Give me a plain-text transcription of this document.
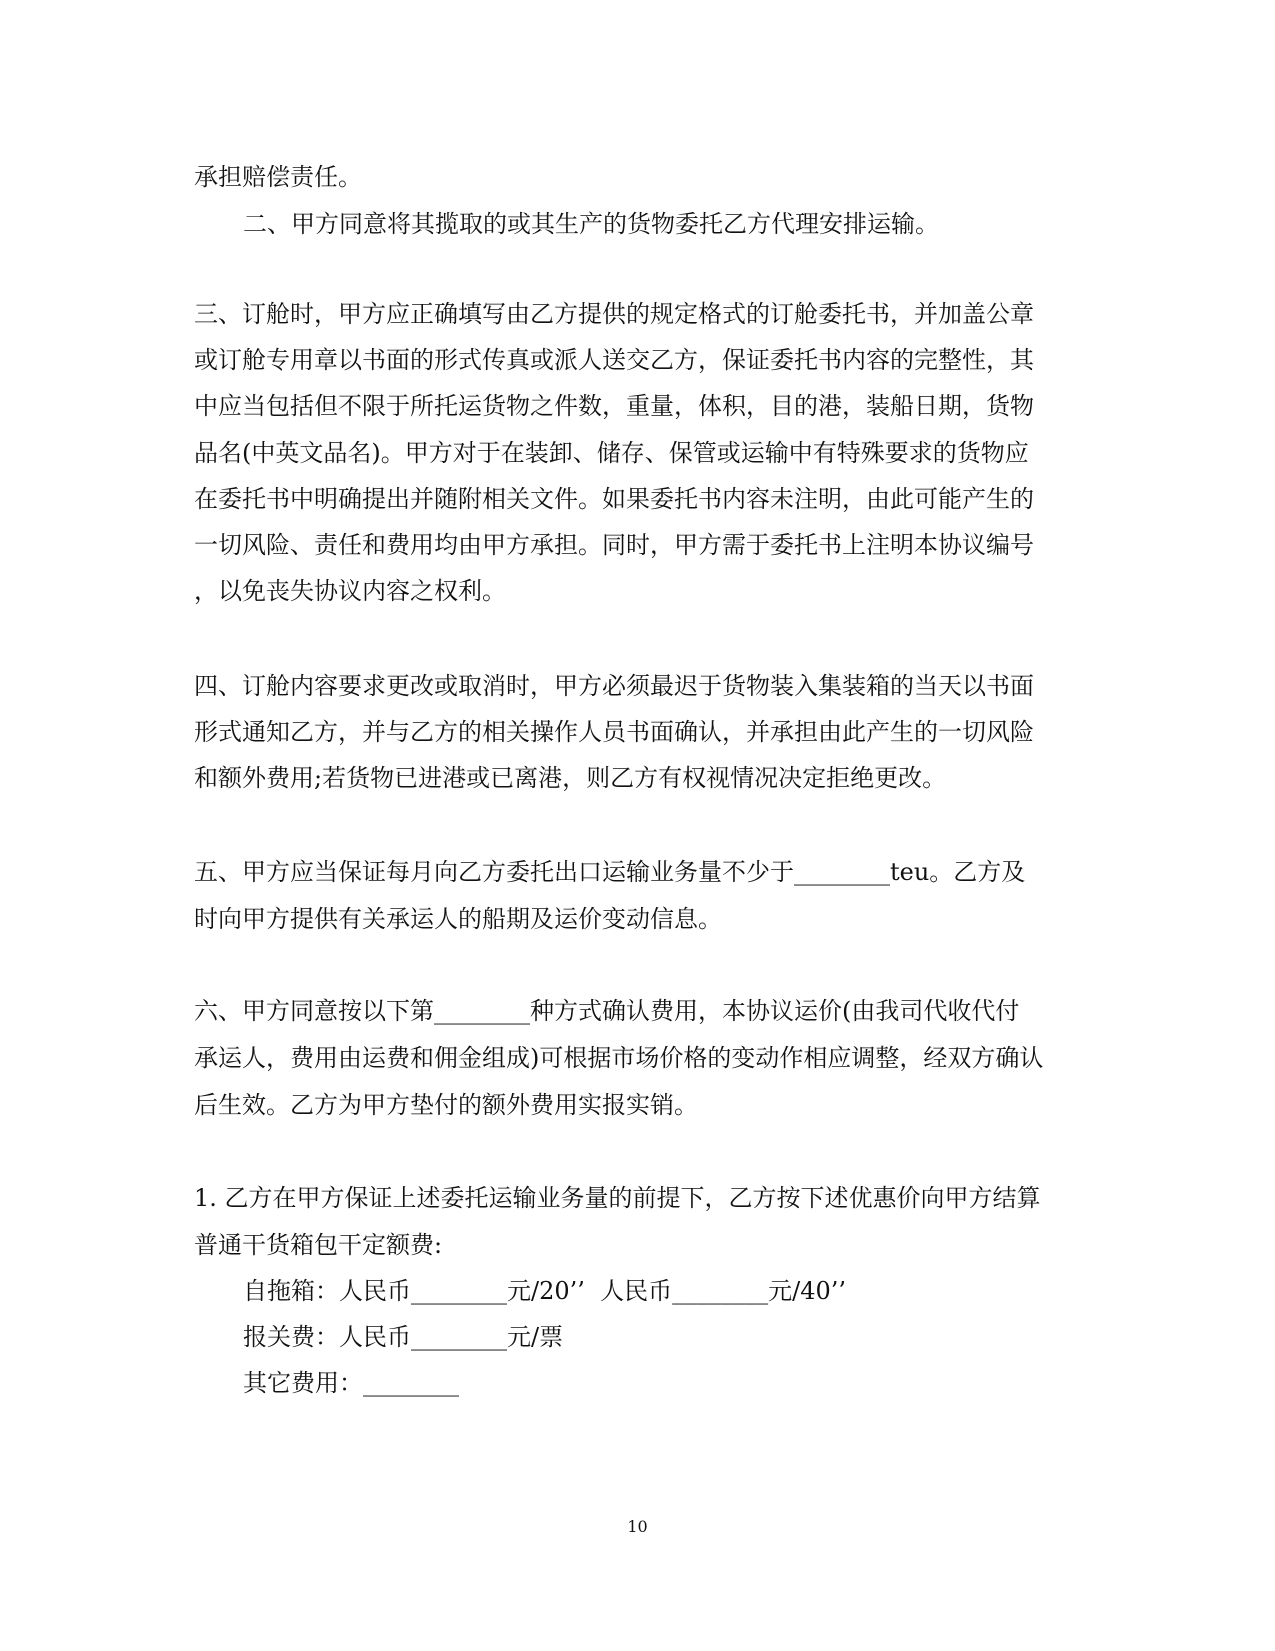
承担赔偿责任。
二、甲方同意将其揽取的或其生产的货物委托乙方代理安排运输。
三、订舱时，甲方应正确填写由乙方提供的规定格式的订舱委托书，并加盖公章
或订舱专用章以书面的形式传真或派人送交乙方，保证委托书内容的完整性，其
中应当包括但不限于所托运货物之件数，重量，体积，目的港，装船日期，货物
品名(中英文品名)。甲方对于在装卸、储存、保管或运输中有特殊要求的货物应
在委托书中明确提出并随附相关文件。如果委托书内容未注明，由此可能产生的
一切风险、责任和费用均由甲方承担。同时，甲方需于委托书上注明本协议编号
，以免丧失协议内容之权利。
四、订舱内容要求更改或取消时，甲方必须最迟于货物装入集装箱的当天以书面
形式通知乙方，并与乙方的相关操作人员书面确认，并承担由此产生的一切风险
和额外费用;若货物已进港或已离港，则乙方有权视情况决定拒绝更改。
五、甲方应当保证每月向乙方委托出口运输业务量不少于________teu。乙方及
时向甲方提供有关承运人的船期及运价变动信息。
六、甲方同意按以下第________种方式确认费用，本协议运价(由我司代收代付
承运人，费用由运费和佣金组成)可根据市场价格的变动作相应调整，经双方确认
后生效。乙方为甲方垫付的额外费用实报实销。
1. 乙方在甲方保证上述委托运输业务量的前提下，乙方按下述优惠价向甲方结算
普通干货箱包干定额费:
自拖箱：人民币________元/20’’  人民币________元/40’’
报关费：人民币________元/票
其它费用：________
10
